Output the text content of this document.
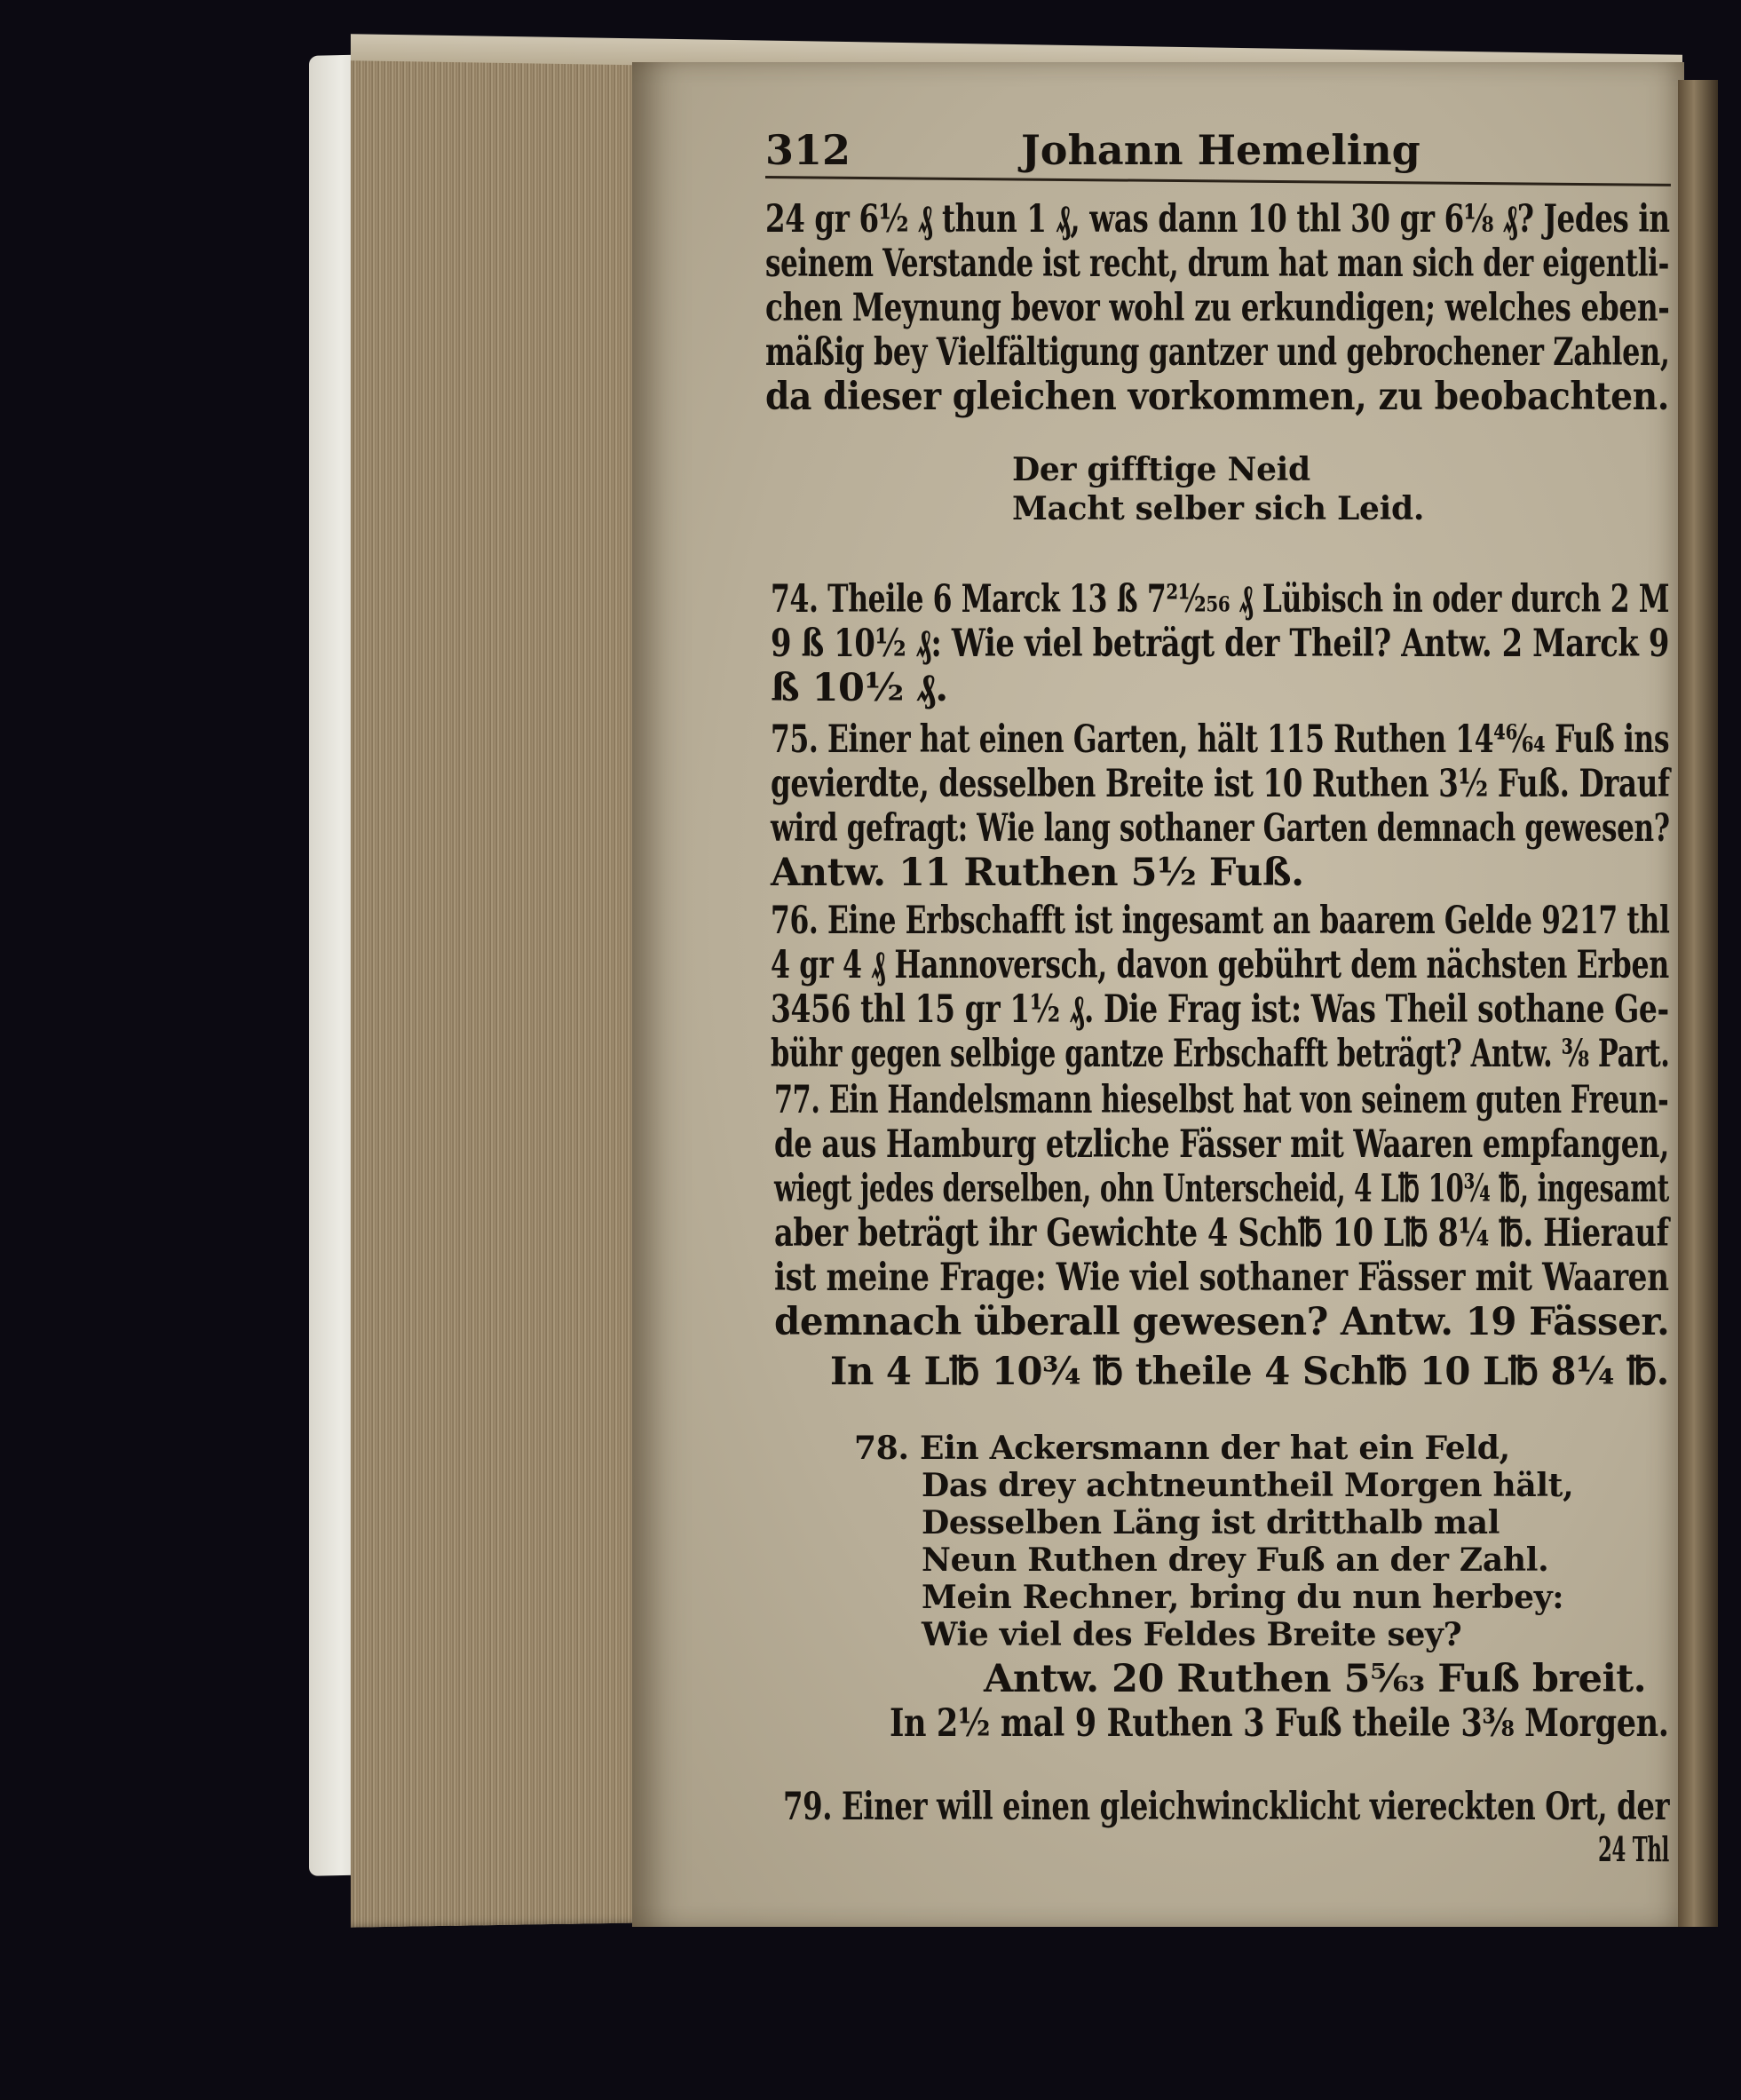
312	Johann Hemeling
24 gr 6½ ₰ thun 1 ₰, was dann 10 thl 30 gr 6⅛ ₰? Jedes in
seinem Verstande ist recht, drum hat man sich der eigentli-
chen Meynung bevor wohl zu erkundigen; welches eben-
mäßig bey Vielfältigung gantzer und gebrochener Zahlen,
da dieser gleichen vorkommen, zu beobachten.
Der gifftige Neid
Macht selber sich Leid.
74. Theile 6 Marck 13 ß 7²¹⁄₂₅₆ ₰ Lübisch in oder durch 2 M
9 ß 10½ ₰: Wie viel beträgt der Theil? Antw. 2 Marck 9
ß 10½ ₰.
75. Einer hat einen Garten, hält 115 Ruthen 14⁴⁶⁄₆₄ Fuß ins
gevierdte, desselben Breite ist 10 Ruthen 3½ Fuß. Drauf
wird gefragt: Wie lang sothaner Garten demnach gewesen?
Antw. 11 Ruthen 5½ Fuß.
76. Eine Erbschafft ist ingesamt an baarem Gelde 9217 thl
4 gr 4 ₰ Hannoversch, davon gebührt dem nächsten Erben
3456 thl 15 gr 1½ ₰. Die Frag ist: Was Theil sothane Ge-
bühr gegen selbige gantze Erbschafft beträgt? Antw. ⅜ Part.
77. Ein Handelsmann hieselbst hat von seinem guten Freun-
de aus Hamburg etzliche Fässer mit Waaren empfangen,
wiegt jedes derselben, ohn Unterscheid, 4 L℔ 10¾ ℔, ingesamt
aber beträgt ihr Gewichte 4 Sch℔ 10 L℔ 8¼ ℔. Hierauf
ist meine Frage: Wie viel sothaner Fässer mit Waaren
demnach überall gewesen? Antw. 19 Fässer.
In 4 L℔ 10¾ ℔ theile 4 Sch℔ 10 L℔ 8¼ ℔.
78. Ein Ackersmann der hat ein Feld,
Das drey achtneuntheil Morgen hält,
Desselben Läng ist dritthalb mal
Neun Ruthen drey Fuß an der Zahl.
Mein Rechner, bring du nun herbey:
Wie viel des Feldes Breite sey?
Antw. 20 Ruthen 5⁵⁄₆₃ Fuß breit.
In 2½ mal 9 Ruthen 3 Fuß theile 3⅜ Morgen.
79. Einer will einen gleichwincklicht viereckten Ort, der
24 Thl
